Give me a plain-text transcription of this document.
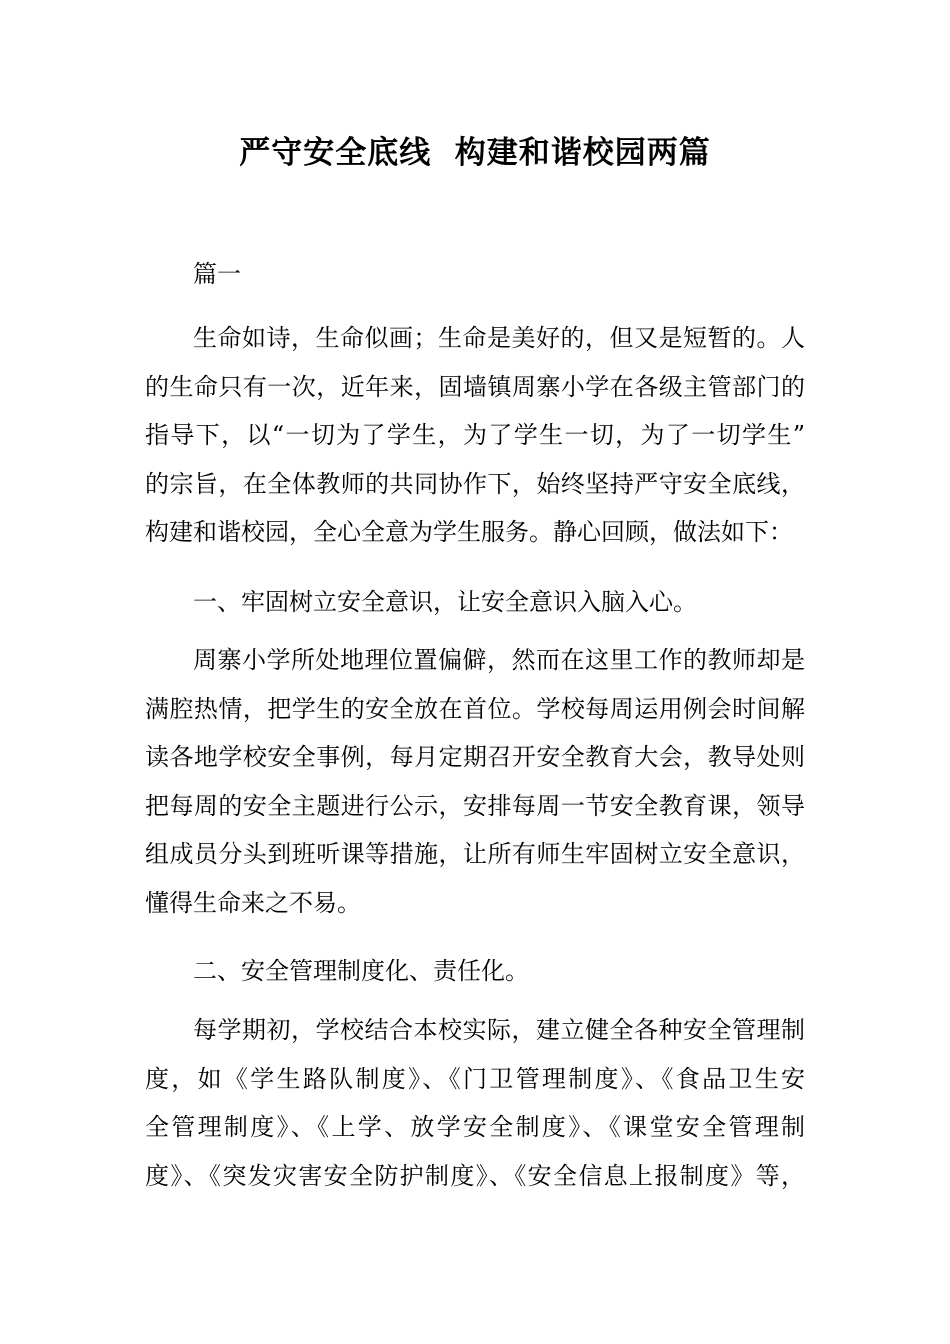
严守安全底线  构建和谐校园两篇
篇一
生命如诗，生命似画；生命是美好的，但又是短暂的。人
的生命只有一次，近年来，固墙镇周寨小学在各级主管部门的
指导下，以“一切为了学生，为了学生一切，为了一切学生”
的宗旨，在全体教师的共同协作下，始终坚持严守安全底线，
构建和谐校园，全心全意为学生服务。静心回顾，做法如下：
一、牢固树立安全意识，让安全意识入脑入心。
周寨小学所处地理位置偏僻，然而在这里工作的教师却是
满腔热情，把学生的安全放在首位。学校每周运用例会时间解
读各地学校安全事例，每月定期召开安全教育大会，教导处则
把每周的安全主题进行公示，安排每周一节安全教育课，领导
组成员分头到班听课等措施，让所有师生牢固树立安全意识，
懂得生命来之不易。
二、安全管理制度化、责任化。
每学期初，学校结合本校实际，建立健全各种安全管理制
度，如《学生路队制度》、《门卫管理制度》、《食品卫生安
全管理制度》、《上学、放学安全制度》、《课堂安全管理制
度》、《突发灾害安全防护制度》、《安全信息上报制度》等，
